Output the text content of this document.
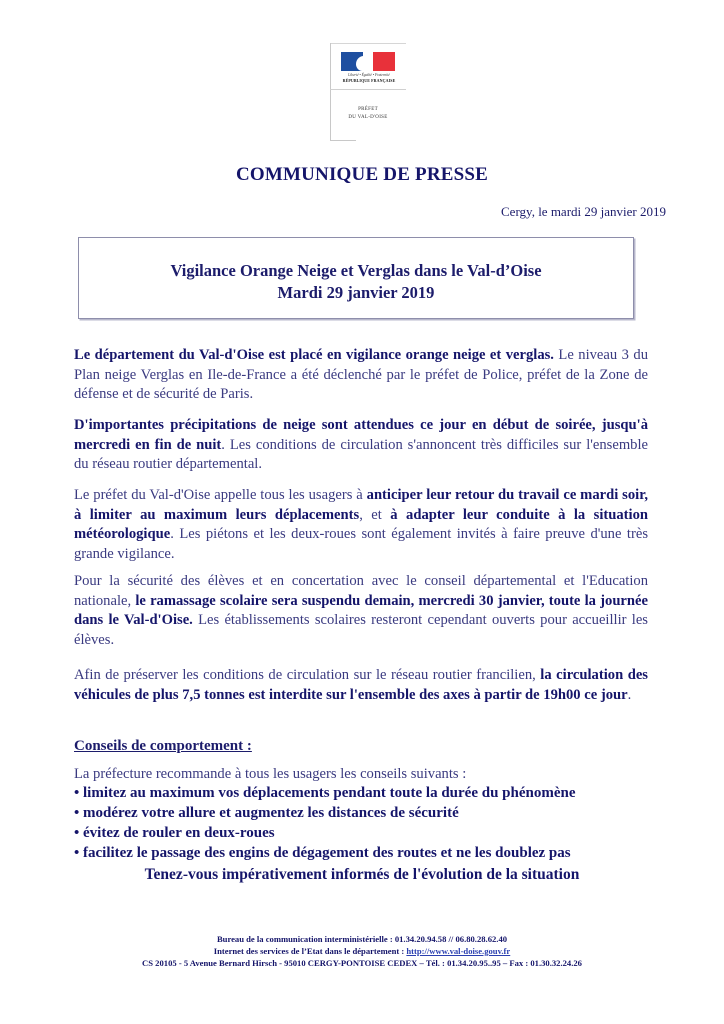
Liberté • Égalité • Fraternité
RÉPUBLIQUE FRANÇAISE
PRÉFET
DU VAL-D'OISE
COMMUNIQUE DE PRESSE
Cergy, le mardi 29 janvier 2019
Vigilance Orange Neige et Verglas dans le Val-d’Oise
Mardi 29 janvier 2019
Le département du Val-d'Oise est placé en vigilance orange neige et verglas. Le niveau 3 du Plan neige Verglas en Ile-de-France a été déclenché par le préfet de Police, préfet de la Zone de défense et de sécurité de Paris.
D'importantes précipitations de neige sont attendues ce jour en début de soirée, jusqu'à mercredi en fin de nuit. Les conditions de circulation s'annoncent très difficiles sur l'ensemble du réseau routier départemental.
Le préfet du Val-d'Oise appelle tous les usagers à anticiper leur retour du travail ce mardi soir, à limiter au maximum leurs déplacements, et à adapter leur conduite à la situation météorologique. Les piétons et les deux-roues sont également invités à faire preuve d'une très grande vigilance.
Pour la sécurité des élèves et en concertation avec le conseil départemental et l'Education nationale, le ramassage scolaire sera suspendu demain, mercredi 30 janvier, toute la journée dans le Val-d'Oise. Les établissements scolaires resteront cependant ouverts pour accueillir les élèves.
Afin de préserver les conditions de circulation sur le réseau routier francilien, la circulation des véhicules de plus 7,5 tonnes est interdite sur l'ensemble des axes à partir de 19h00 ce jour.
Conseils de comportement :
La préfecture recommande à tous les usagers les conseils suivants :
• limitez au maximum vos déplacements pendant toute la durée du phénomène
• modérez votre allure et augmentez les distances de sécurité
• évitez de rouler en deux-roues
• facilitez le passage des engins de dégagement des routes et ne les doublez pas
Tenez-vous impérativement informés de l'évolution de la situation
Bureau de la communication interministérielle : 01.34.20.94.58 // 06.80.28.62.40
Internet des services de l’Etat dans le département : http://www.val-doise.gouv.fr
CS 20105 - 5 Avenue Bernard Hirsch - 95010 CERGY-PONTOISE CEDEX – Tél. : 01.34.20.95..95 – Fax : 01.30.32.24.26
